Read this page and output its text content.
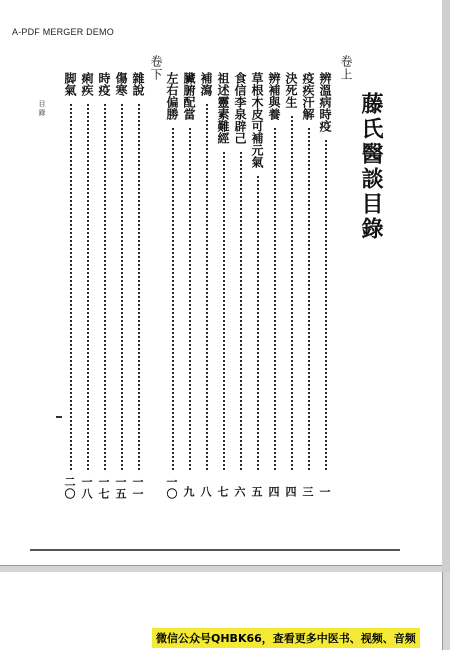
A-PDF MERGER DEMO
藤氏醫談目錄
卷上
卷下
辨溫病時疫
一
疫疾汗解
三
決死生
四
辨補與養
四
草根木皮可補元氣
五
食信李泉辟己
六
祖述靈素難經
七
補瀉
八
臟腑配當
九
左右偏勝
一〇
雜說
一一
傷寒
一五
時疫
一七
痢疾
一八
脚氣
二〇
目錄
微信公众号QHBK66，查看更多中医书、视频、音频
